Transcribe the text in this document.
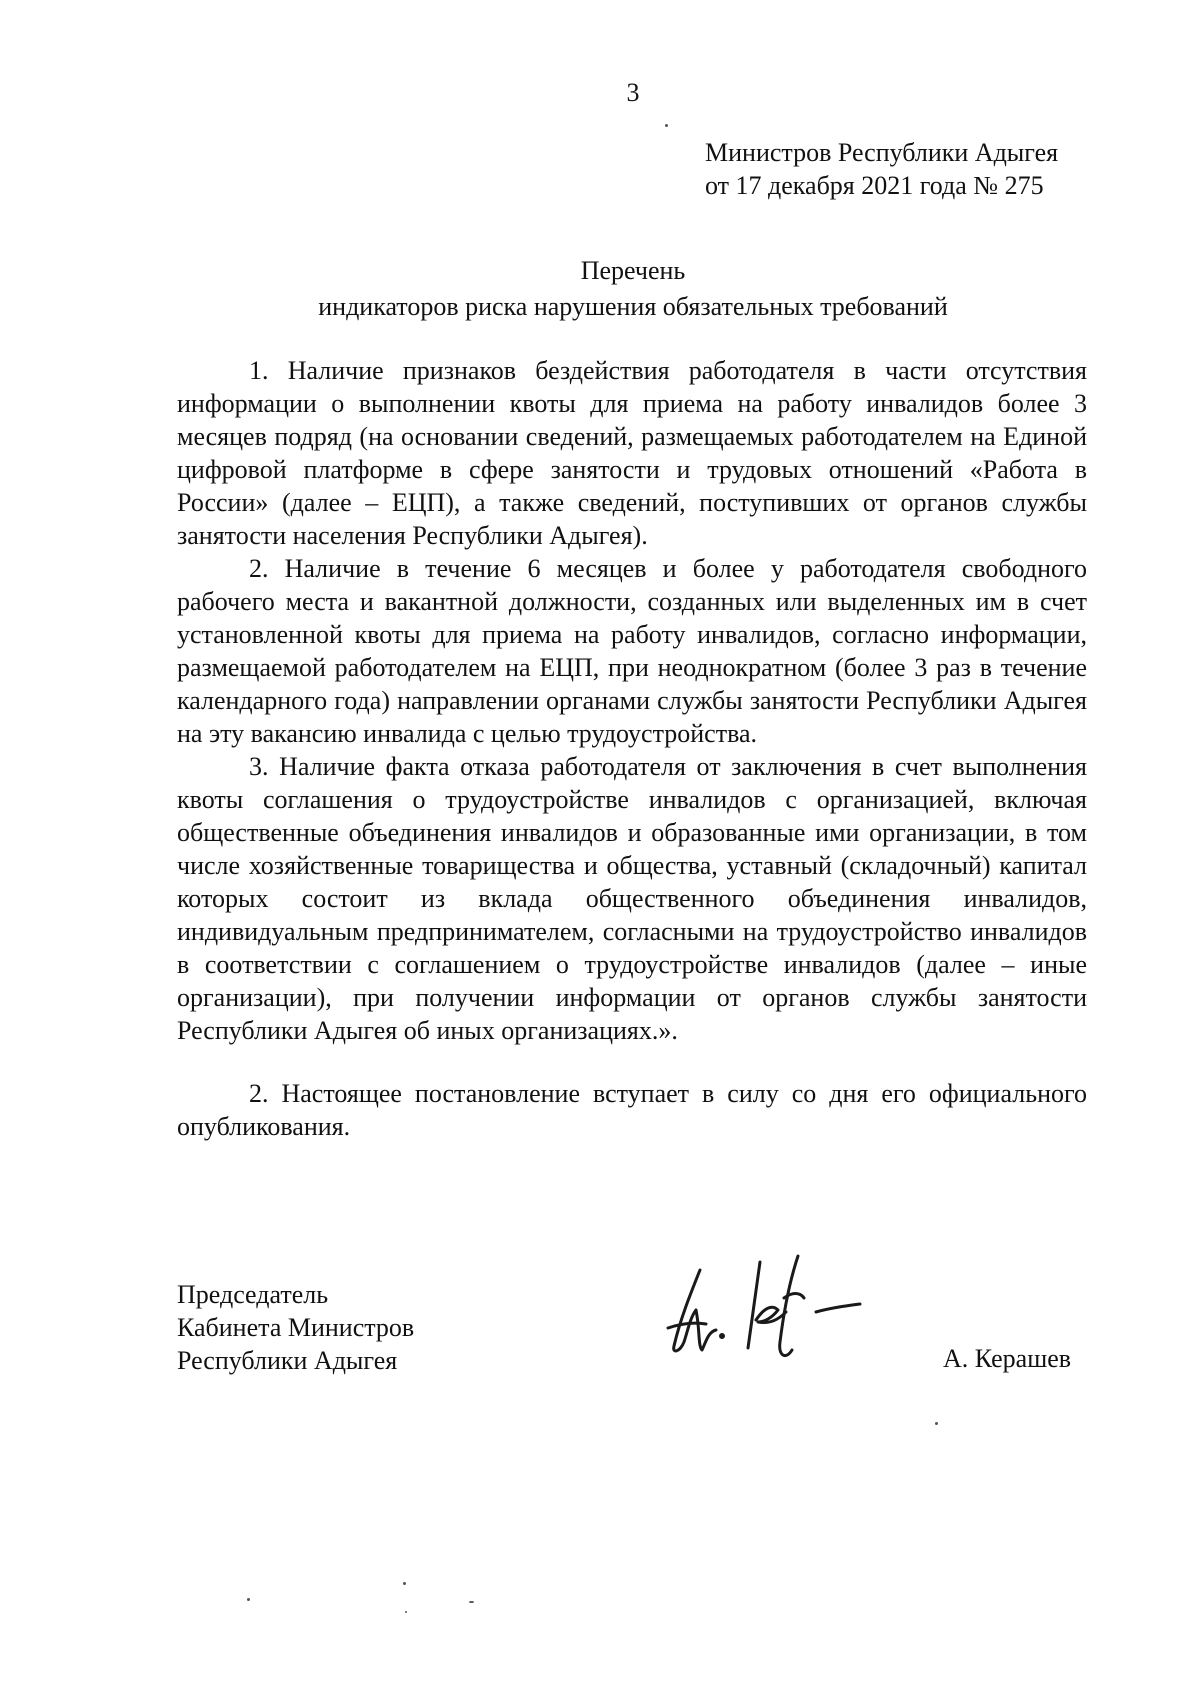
3
Министров Республики Адыгея
от 17 декабря 2021 года № 275
Перечень
индикаторов риска нарушения обязательных требований

1. Наличие признаков бездействия работодателя в части отсутствия информации о выполнении квоты для приема на работу инвалидов более 3 месяцев подряд (на основании сведений, размещаемых работодателем на Единой цифровой платформе в сфере занятости и трудовых отношений «Работа в России» (далее – ЕЦП), а также сведений, поступивших от органов службы занятости населения Республики Адыгея).

2. Наличие в течение 6 месяцев и более у работодателя свободного рабочего места и вакантной должности, созданных или выделенных им в счет установленной квоты для приема на работу инвалидов, согласно информации, размещаемой работодателем на ЕЦП, при неоднократном (более 3 раз в течение календарного года) направлении органами службы занятости Республики Адыгея на эту вакансию инвалида с целью трудоустройства.

3. Наличие факта отказа работодателя от заключения в счет выполнения квоты соглашения о трудоустройстве инвалидов с организацией, включая общественные объединения инвалидов и образованные ими организации, в том числе хозяйственные товарищества и общества, уставный (складочный) капитал которых состоит из вклада общественного объединения инвалидов, индивидуальным предпринимателем, согласными на трудоустройство инвалидов в соответствии с соглашением о трудоустройстве инвалидов (далее – иные организации), при получении информации от органов службы занятости Республики Адыгея об иных организациях.».

2. Настоящее постановление вступает в силу со дня его официального опубликования.

Председатель
Кабинета Министров
Республики Адыгея	А. Керашев
